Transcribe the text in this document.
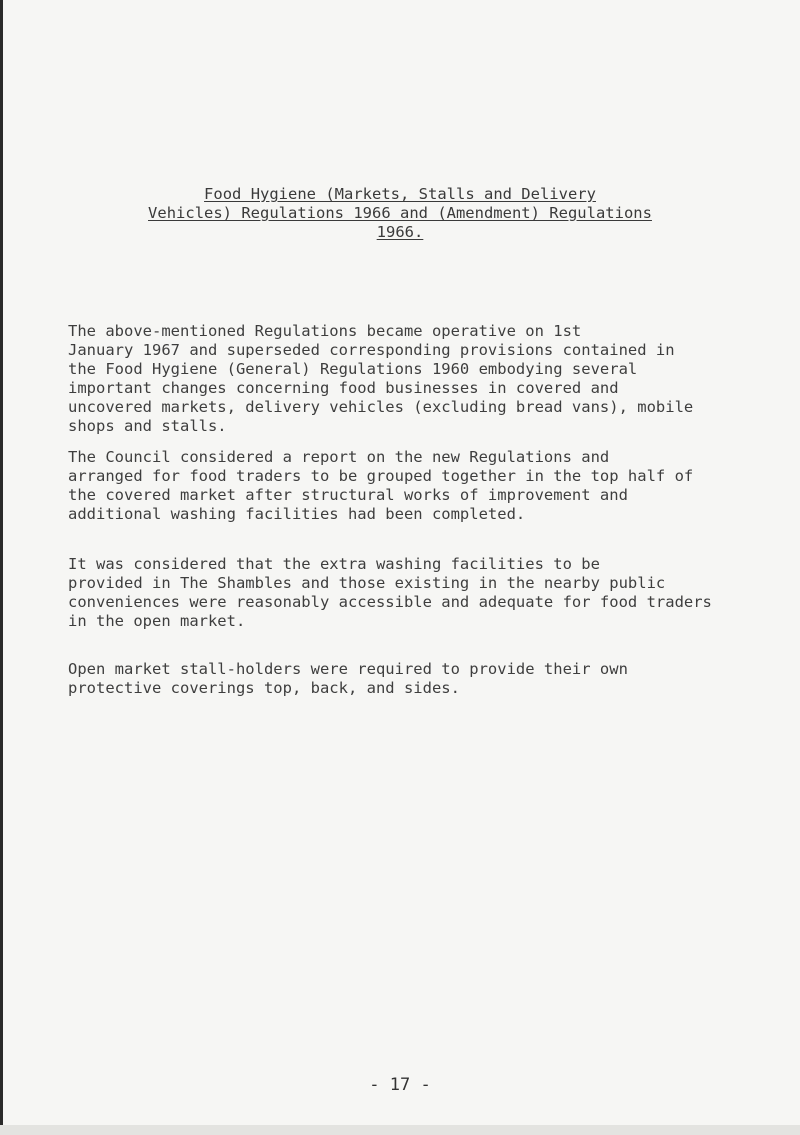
Food Hygiene (Markets, Stalls and Delivery
Vehicles) Regulations 1966 and (Amendment) Regulations
1966.

The above-mentioned Regulations became operative on 1st
January 1967 and superseded corresponding provisions contained in
the Food Hygiene (General) Regulations 1960 embodying several
important changes concerning food businesses in covered and
uncovered markets, delivery vehicles (excluding bread vans), mobile
shops and stalls.

The Council considered a report on the new Regulations and
arranged for food traders to be grouped together in the top half of
the covered market after structural works of improvement and
additional washing facilities had been completed.

It was considered that the extra washing facilities to be
provided in The Shambles and those existing in the nearby public
conveniences were reasonably accessible and adequate for food traders
in the open market.

Open market stall-holders were required to provide their own
protective coverings top, back, and sides.

- 17 -
